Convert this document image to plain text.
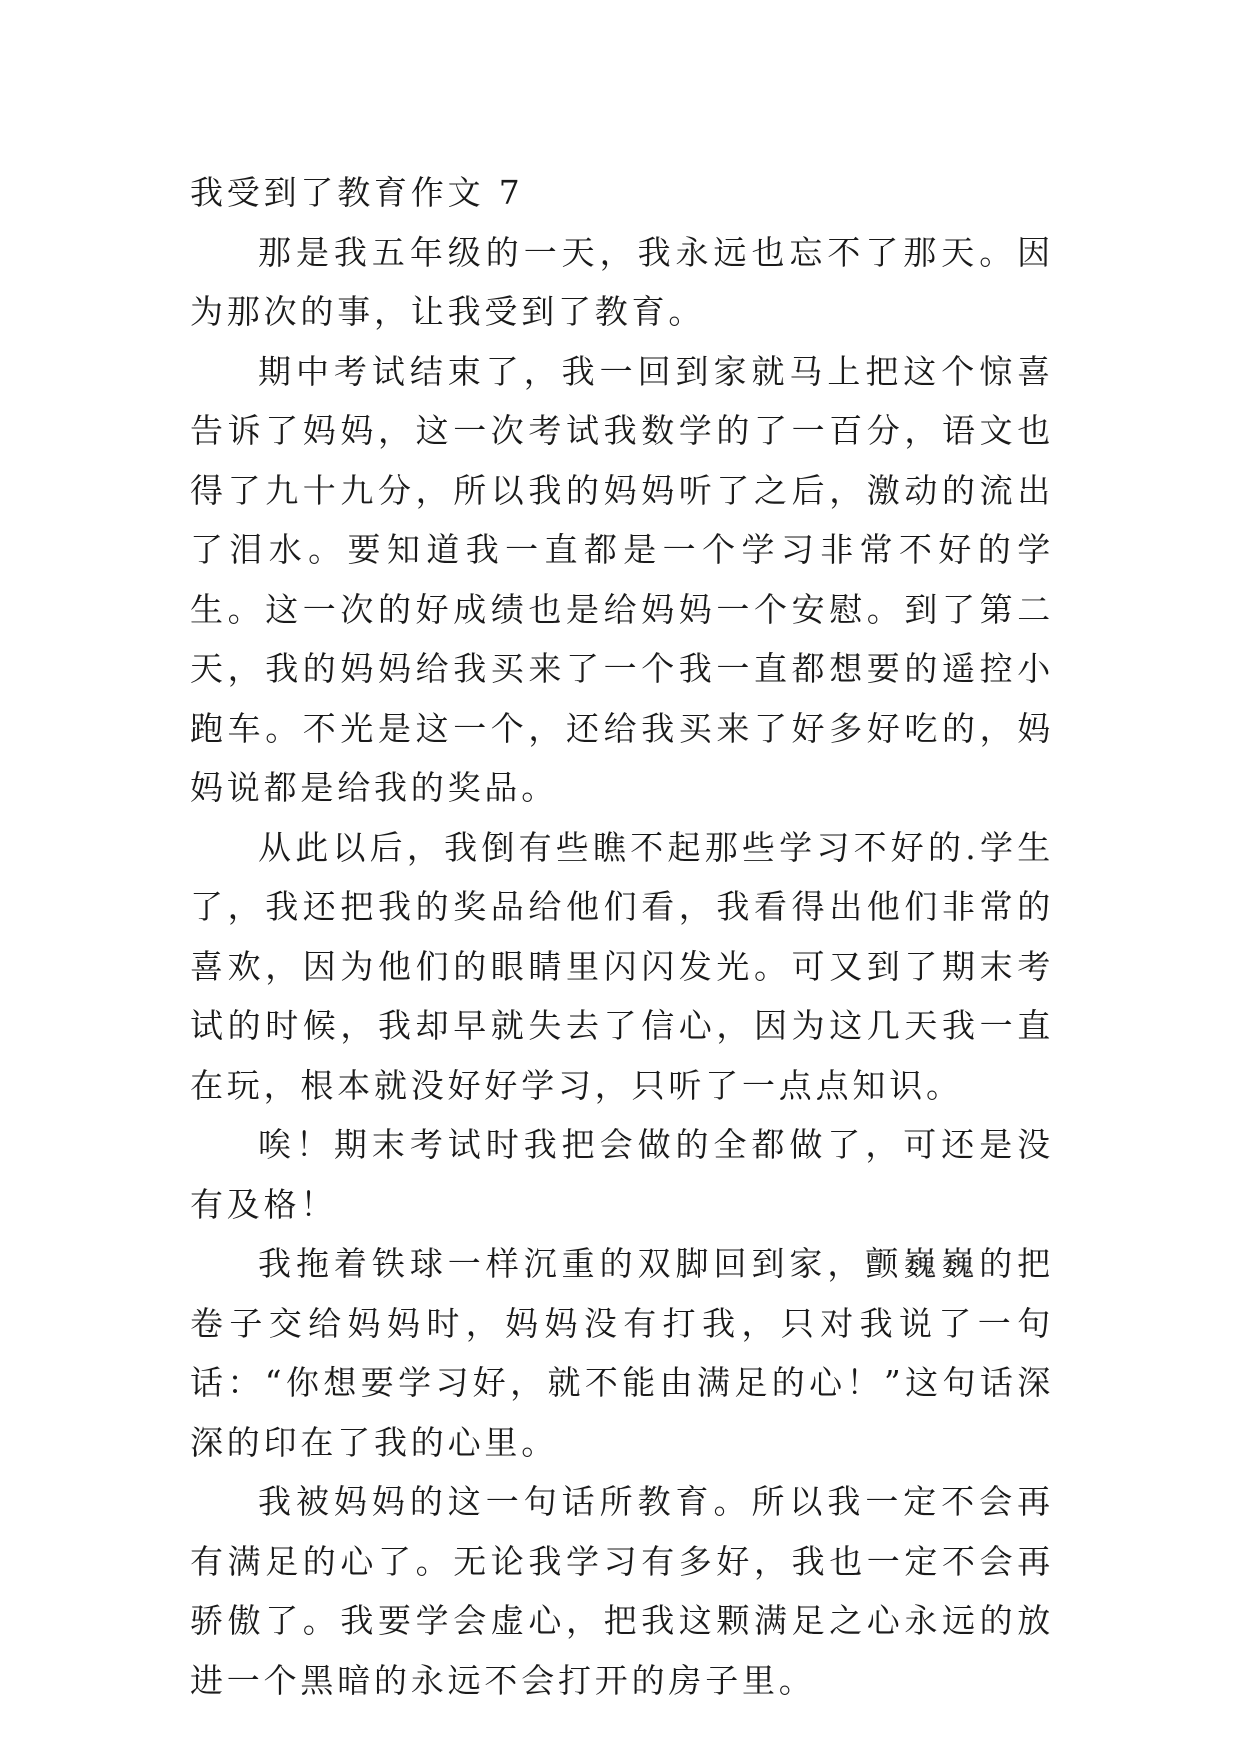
我受到了教育作文 7

那是我五年级的一天，我永远也忘不了那天。因为那次的事，让我受到了教育。

期中考试结束了，我一回到家就马上把这个惊喜告诉了妈妈，这一次考试我数学的了一百分，语文也得了九十九分，所以我的妈妈听了之后，激动的流出了泪水。要知道我一直都是一个学习非常不好的学生。这一次的好成绩也是给妈妈一个安慰。到了第二天，我的妈妈给我买来了一个我一直都想要的遥控小跑车。不光是这一个，还给我买来了好多好吃的，妈妈说都是给我的奖品。

从此以后，我倒有些瞧不起那些学习不好的.学生了，我还把我的奖品给他们看，我看得出他们非常的喜欢，因为他们的眼睛里闪闪发光。可又到了期末考试的时候，我却早就失去了信心，因为这几天我一直在玩，根本就没好好学习，只听了一点点知识。

唉！期末考试时我把会做的全都做了，可还是没有及格！

我拖着铁球一样沉重的双脚回到家，颤巍巍的把卷子交给妈妈时，妈妈没有打我，只对我说了一句话：“你想要学习好，就不能由满足的心！”这句话深深的印在了我的心里。

我被妈妈的这一句话所教育。所以我一定不会再有满足的心了。无论我学习有多好，我也一定不会再骄傲了。我要学会虚心，把我这颗满足之心永远的放进一个黑暗的永远不会打开的房子里。
